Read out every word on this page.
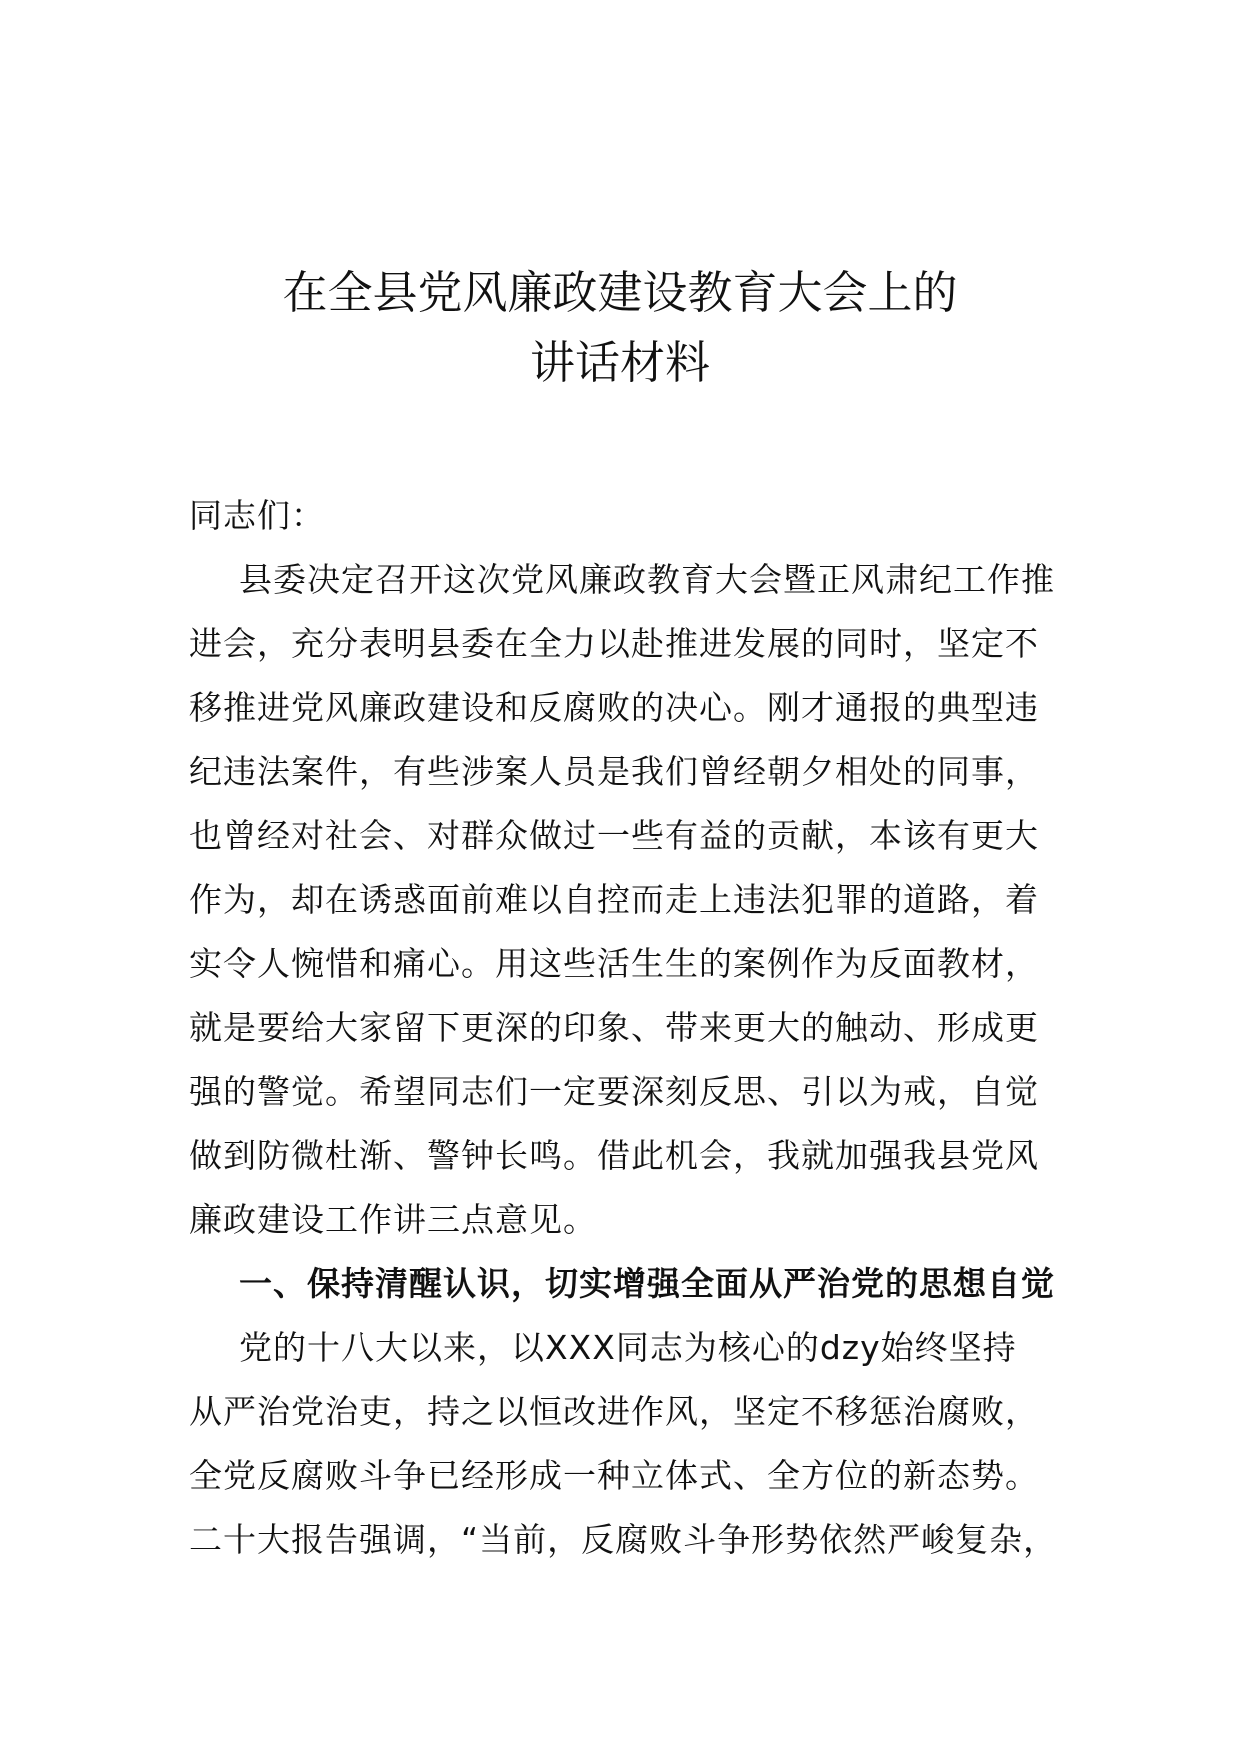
在全县党风廉政建设教育大会上的
讲话材料

同志们：

县委决定召开这次党风廉政教育大会暨正风肃纪工作推

进会，充分表明县委在全力以赴推进发展的同时，坚定不

移推进党风廉政建设和反腐败的决心。刚才通报的典型违

纪违法案件，有些涉案人员是我们曾经朝夕相处的同事，

也曾经对社会、对群众做过一些有益的贡献，本该有更大

作为，却在诱惑面前难以自控而走上违法犯罪的道路，着

实令人惋惜和痛心。用这些活生生的案例作为反面教材，

就是要给大家留下更深的印象、带来更大的触动、形成更

强的警觉。希望同志们一定要深刻反思、引以为戒，自觉

做到防微杜渐、警钟长鸣。借此机会，我就加强我县党风

廉政建设工作讲三点意见。

一、保持清醒认识，切实增强全面从严治党的思想自觉

党的十八大以来，以XXX同志为核心的dzy始终坚持

从严治党治吏，持之以恒改进作风，坚定不移惩治腐败，

全党反腐败斗争已经形成一种立体式、全方位的新态势。

二十大报告强调，“当前，反腐败斗争形势依然严峻复杂，
